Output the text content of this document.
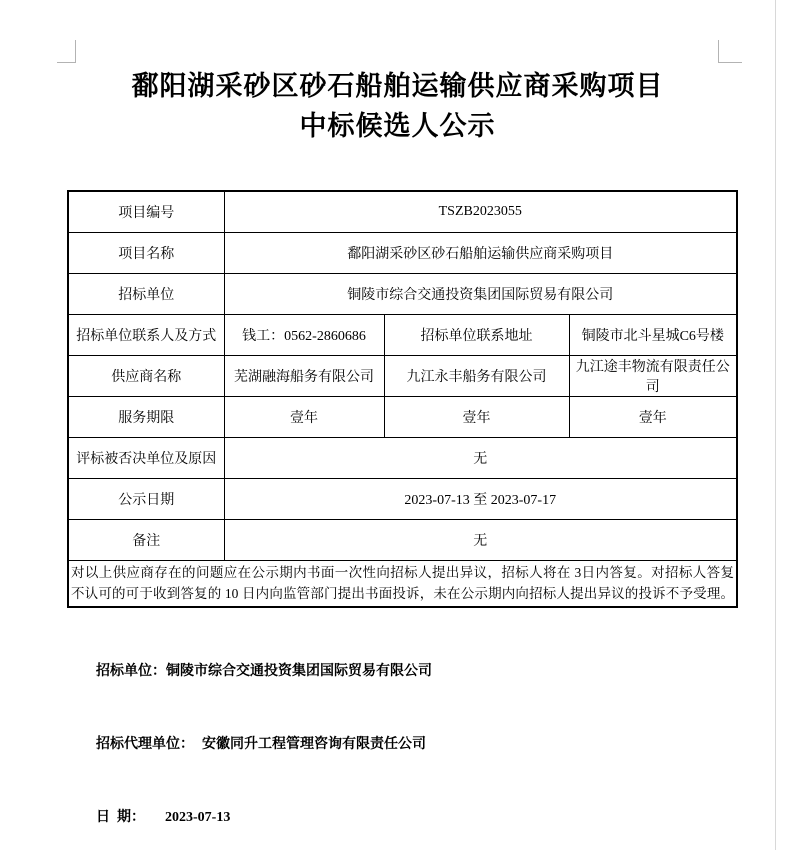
鄱阳湖采砂区砂石船舶运输供应商采购项目
中标候选人公示
项目编号	TSZB2023055		
项目名称	鄱阳湖采砂区砂石船舶运输供应商采购项目		
招标单位	铜陵市综合交通投资集团国际贸易有限公司		
招标单位联系人及方式	钱工：0562-2860686	招标单位联系地址	铜陵市北斗星城C6号楼
供应商名称	芜湖融海船务有限公司	九江永丰船务有限公司	九江途丰物流有限责任公司
服务期限	壹年	壹年	壹年
评标被否决单位及原因	无		
公示日期	2023-07-13 至 2023-07-17		
备注	无		

对以上供应商存在的问题应在公示期内书面一次性向招标人提出异议，招标人将在 3日内答复。对招标人答复
不认可的可于收到答复的 10 日内向监管部门提出书面投诉，未在公示期内向招标人提出异议的投诉不予受理。			

招标单位：铜陵市综合交通投资集团国际贸易有限公司

招标代理单位： 安徽同升工程管理咨询有限责任公司

日  期： 2023-07-13
